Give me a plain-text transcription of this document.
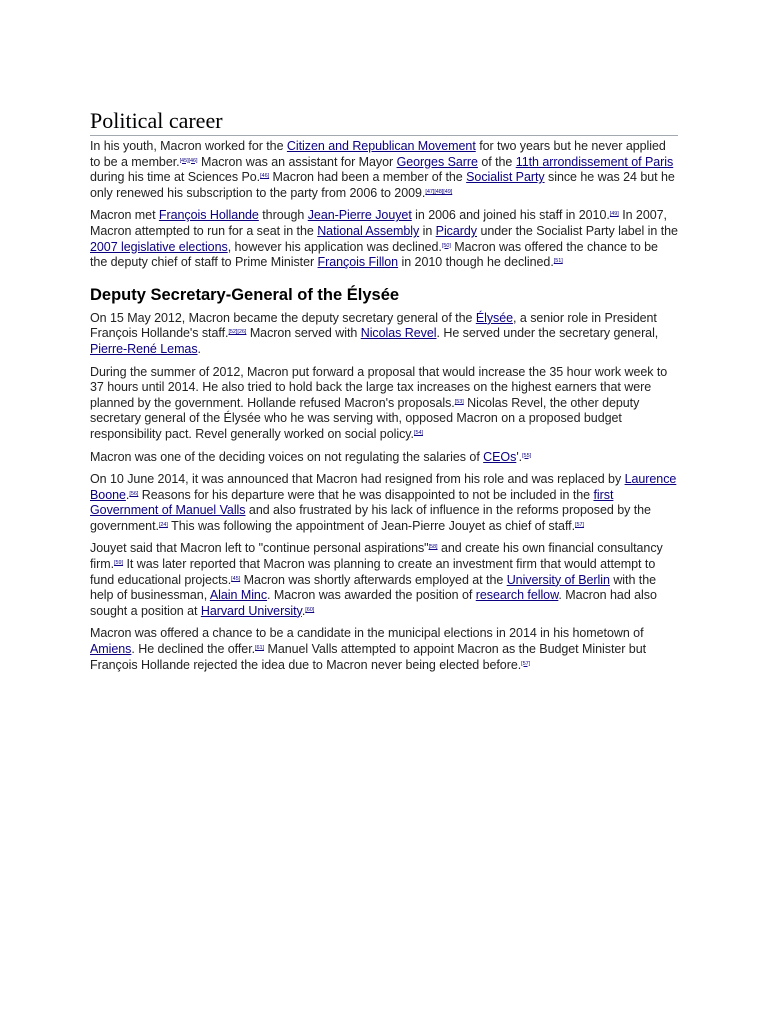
Political career

In his youth, Macron worked for the Citizen and Republican Movement for two years but he never applied to be a member.[45][46] Macron was an assistant for Mayor Georges Sarre of the 11th arrondissement of Paris during his time at Sciences Po.[46] Macron had been a member of the Socialist Party since he was 24 but he only renewed his subscription to the party from 2006 to 2009.[47][48][49]

Macron met François Hollande through Jean-Pierre Jouyet in 2006 and joined his staff in 2010.[49] In 2007, Macron attempted to run for a seat in the National Assembly in Picardy under the Socialist Party label in the 2007 legislative elections, however his application was declined.[50] Macron was offered the chance to be the deputy chief of staff to Prime Minister François Fillon in 2010 though he declined.[51]

Deputy Secretary-General of the Élysée

On 15 May 2012, Macron became the deputy secretary general of the Élysée, a senior role in President François Hollande's staff.[52][26] Macron served with Nicolas Revel. He served under the secretary general, Pierre-René Lemas.

During the summer of 2012, Macron put forward a proposal that would increase the 35 hour work week to 37 hours until 2014. He also tried to hold back the large tax increases on the highest earners that were planned by the government. Hollande refused Macron's proposals.[53] Nicolas Revel, the other deputy secretary general of the Élysée who he was serving with, opposed Macron on a proposed budget responsibility pact. Revel generally worked on social policy.[54]

Macron was one of the deciding voices on not regulating the salaries of CEOs'.[55]

On 10 June 2014, it was announced that Macron had resigned from his role and was replaced by Laurence Boone.[56] Reasons for his departure were that he was disappointed to not be included in the first Government of Manuel Valls and also frustrated by his lack of influence in the reforms proposed by the government.[24] This was following the appointment of Jean-Pierre Jouyet as chief of staff.[57]

Jouyet said that Macron left to "continue personal aspirations"[58] and create his own financial consultancy firm.[59] It was later reported that Macron was planning to create an investment firm that would attempt to fund educational projects.[45] Macron was shortly afterwards employed at the University of Berlin with the help of businessman, Alain Minc. Macron was awarded the position of research fellow. Macron had also sought a position at Harvard University.[60]

Macron was offered a chance to be a candidate in the municipal elections in 2014 in his hometown of Amiens. He declined the offer.[61] Manuel Valls attempted to appoint Macron as the Budget Minister but François Hollande rejected the idea due to Macron never being elected before.[57]
